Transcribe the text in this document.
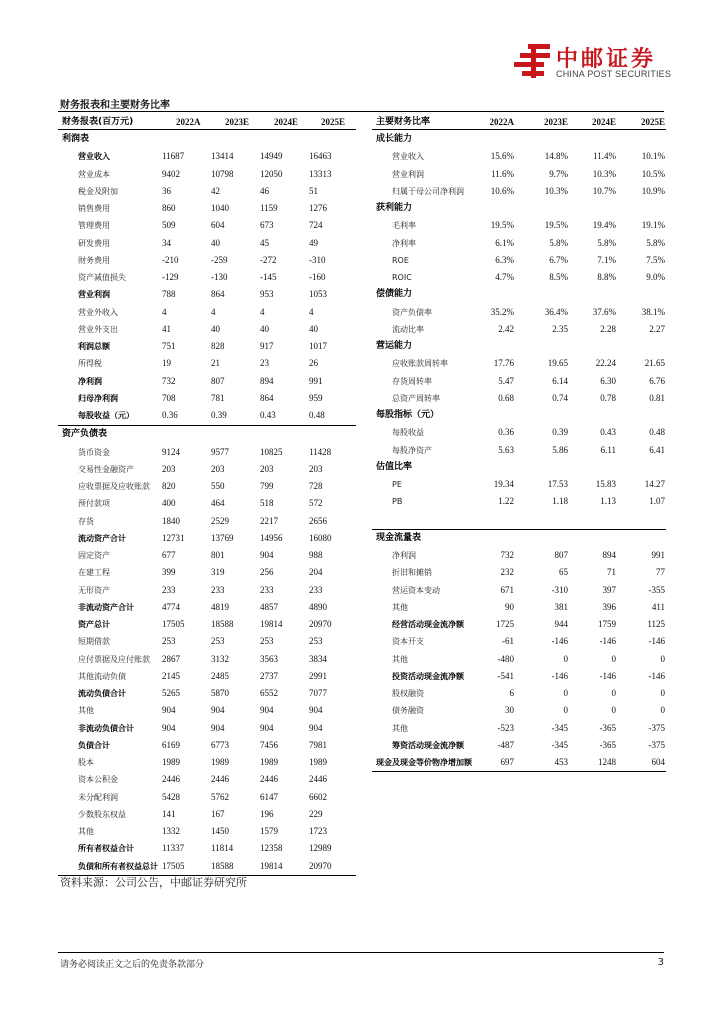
中邮证券
CHINA POST SECURITIES
财务报表和主要财务比率
财务报表(百万元)	2022A	2023E	2024E	2025E
利润表
营业收入	11687	13414	14949	16463
营业成本	9402	10798	12050	13313
税金及附加	36	42	46	51
销售费用	860	1040	1159	1276
管理费用	509	604	673	724
研发费用	34	40	45	49
财务费用	-210	-259	-272	-310
资产减值损失	-129	-130	-145	-160
营业利润	788	864	953	1053
营业外收入	4	4	4	4
营业外支出	41	40	40	40
利润总额	751	828	917	1017
所得税	19	21	23	26
净利润	732	807	894	991
归母净利润	708	781	864	959
每股收益（元）	0.36	0.39	0.43	0.48
资产负债表
货币资金	9124	9577	10825	11428
交易性金融资产	203	203	203	203
应收票据及应收账款 820	550	799	728
预付款项	400	464	518	572
存货	1840	2529	2217	2656
流动资产合计	12731	13769	14956	16080
固定资产	677	801	904	988
在建工程	399	319	256	204
无形资产	233	233	233	233
非流动资产合计	4774	4819	4857	4890
资产总计	17505	18588	19814	20970
短期借款	253	253	253	253
应付票据及应付账款 2867	3132	3563	3834
其他流动负债	2145	2485	2737	2991
流动负债合计	5265	5870	6552	7077
其他	904	904	904	904
非流动负债合计	904	904	904	904
负债合计	6169	6773	7456	7981
股本	1989	1989	1989	1989
资本公积金	2446	2446	2446	2446
未分配利润	5428	5762	6147	6602
少数股东权益	141	167	196	229
其他	1332	1450	1579	1723
所有者权益合计	11337	11814	12358	12989
负债和所有者权益总计 17505	18588	19814	20970
主要财务比率	2022A	2023E	2024E	2025E
成长能力
营业收入	15.6%	14.8%	11.4%	10.1%
营业利润	11.6%	9.7%	10.3%	10.5%
归属于母公司净利润	10.6%	10.3%	10.7%	10.9%
获利能力
毛利率	19.5%	19.5%	19.4%	19.1%
净利率	6.1%	5.8%	5.8%	5.8%
ROE	6.3%	6.7%	7.1%	7.5%
ROIC	4.7%	8.5%	8.8%	9.0%
偿债能力
资产负债率	35.2%	36.4%	37.6%	38.1%
流动比率	2.42	2.35	2.28	2.27
营运能力
应收账款周转率	17.76	19.65	22.24	21.65
存货周转率	5.47	6.14	6.30	6.76
总资产周转率	0.68	0.74	0.78	0.81
每股指标（元）
每股收益	0.36	0.39	0.43	0.48
每股净资产	5.63	5.86	6.11	6.41
估值比率
PE	19.34	17.53	15.83	14.27
PB	1.22	1.18	1.13	1.07
现金流量表
净利润	732	807	894	991
折旧和摊销	232	65	71	77
营运资本变动	671	-310	397	-355
其他	90	381	396	411
经营活动现金流净额	1725	944	1759	1125
资本开支	-61	-146	-146	-146
其他	-480	0	0	0
投资活动现金流净额	-541	-146	-146	-146
股权融资	6	0	0	0
债务融资	30	0	0	0
其他	-523	-345	-365	-375
筹资活动现金流净额	-487	-345	-365	-375
现金及现金等价物净增加额	697	453	1248	604
资料来源：公司公告，中邮证券研究所
请务必阅读正文之后的免责条款部分	3
